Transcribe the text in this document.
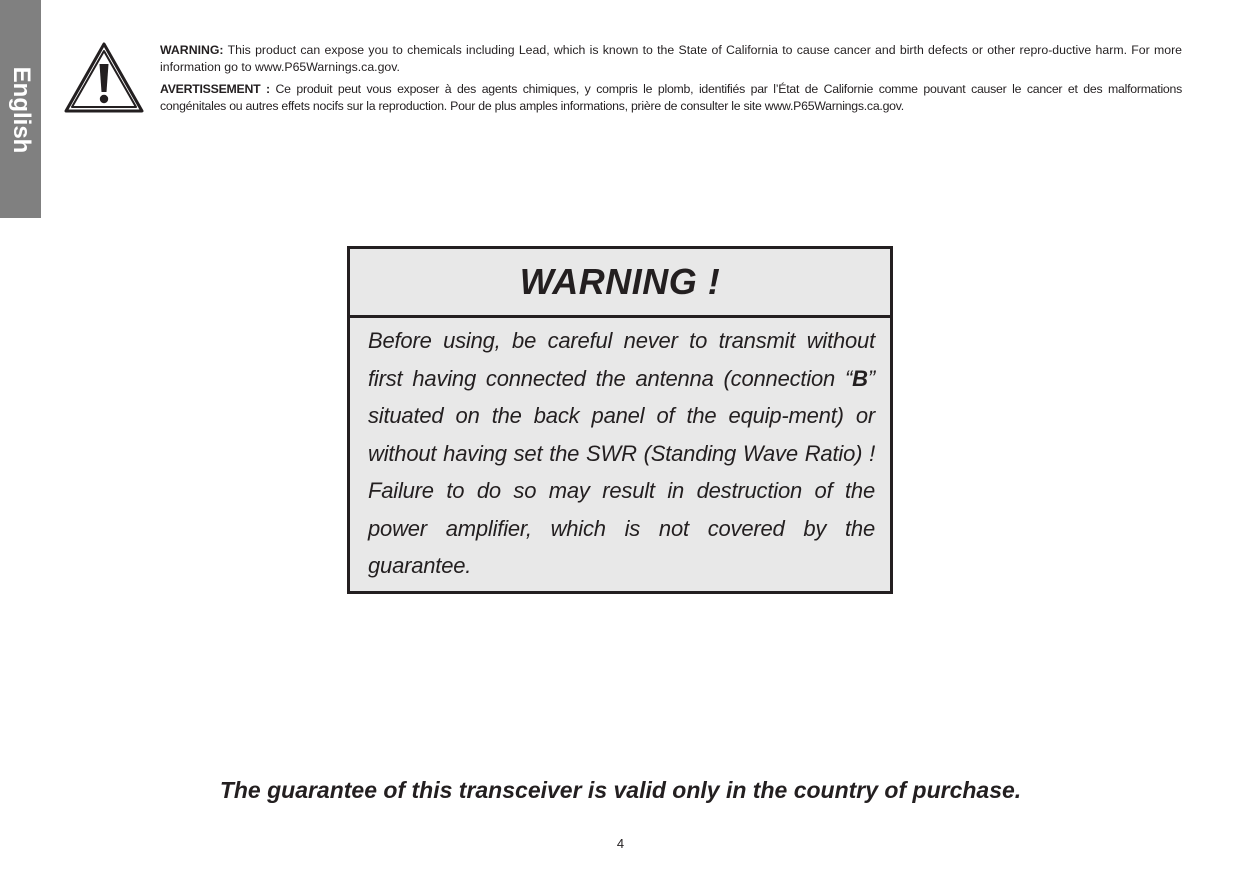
English

WARNING: This product can expose you to chemicals including Lead, which is known to the State of California to cause cancer and birth defects or other repro-ductive harm. For more information go to www.P65Warnings.ca.gov.

AVERTISSEMENT : Ce produit peut vous exposer à des agents chimiques, y compris le plomb, identifiés par l’État de Californie comme pouvant causer le cancer et des malformations congénitales ou autres effets nocifs sur la reproduction. Pour de plus amples informations, prière de consulter le site www.P65Warnings.ca.gov.

WARNING !
Before using, be careful never to transmit without first having connected the antenna (connection “B” situated on the back panel of the equip-ment) or without having set the SWR (Standing Wave Ratio) ! Failure to do so may result in destruction of the power amplifier, which is not covered by the guarantee.
The guarantee of this transceiver is valid only in the country of purchase.
4
